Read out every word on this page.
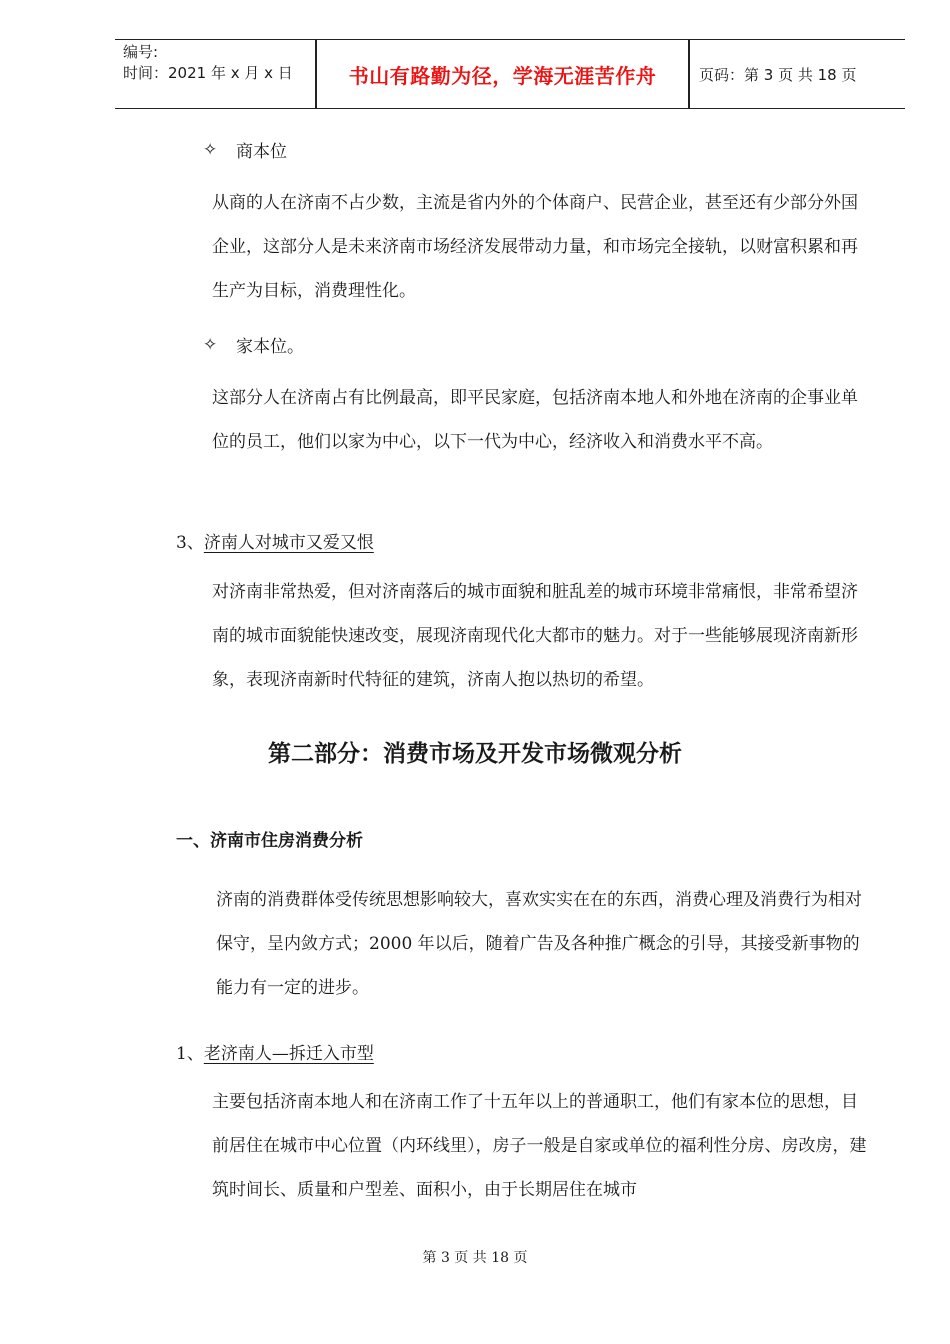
编号:
时间：2021 年 x 月 x 日	书山有路勤为径，学海无涯苦作舟	页码：第 3 页 共 18 页
✧	商本位

从商的人在济南不占少数，主流是省内外的个体商户、民营企业，甚至还有少部分外国企业，这部分人是未来济南市场经济发展带动力量，和市场完全接轨，以财富积累和再生产为目标，消费理性化。

✧	家本位。

这部分人在济南占有比例最高，即平民家庭，包括济南本地人和外地在济南的企事业单位的员工，他们以家为中心，以下一代为中心，经济收入和消费水平不高。

3、济南人对城市又爱又恨

对济南非常热爱，但对济南落后的城市面貌和脏乱差的城市环境非常痛恨，非常希望济南的城市面貌能快速改变，展现济南现代化大都市的魅力。对于一些能够展现济南新形象，表现济南新时代特征的建筑，济南人抱以热切的希望。

第二部分：消费市场及开发市场微观分析
一、济南市住房消费分析

济南的消费群体受传统思想影响较大，喜欢实实在在的东西，消费心理及消费行为相对保守，呈内敛方式；2000 年以后，随着广告及各种推广概念的引导，其接受新事物的能力有一定的进步。

1、老济南人—拆迁入市型

主要包括济南本地人和在济南工作了十五年以上的普通职工，他们有家本位的思想，目前居住在城市中心位置（内环线里），房子一般是自家或单位的福利性分房、房改房，建筑时间长、质量和户型差、面积小，由于长期居住在城市

第 3 页 共 18 页
